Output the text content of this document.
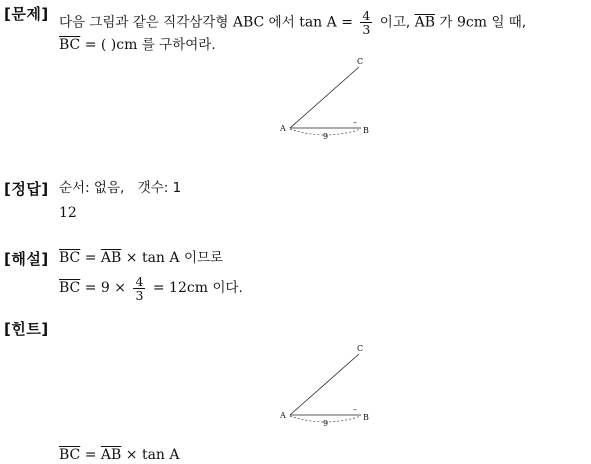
[문제] 다음 그림과 같은 직각삼각형 ABC 에서 $\tan A = \frac{4}{3}$ 이고, $\overline{AB}$ 가 9cm 일 때,
$\overline{BC}$ = ( )cm 를 구하여라.
C
A	B
9
–
[정답] 순서: 없음, 갯수: 1
12
[해설] $\overline{BC} = \overline{AB} \times \tan A$ 이므로
$\overline{BC} = 9 \times \frac{4}{3} = 12cm$ 이다.
[힌트]
C
A	B
9
–
$\overline{BC} = \overline{AB} \times \tan A$
